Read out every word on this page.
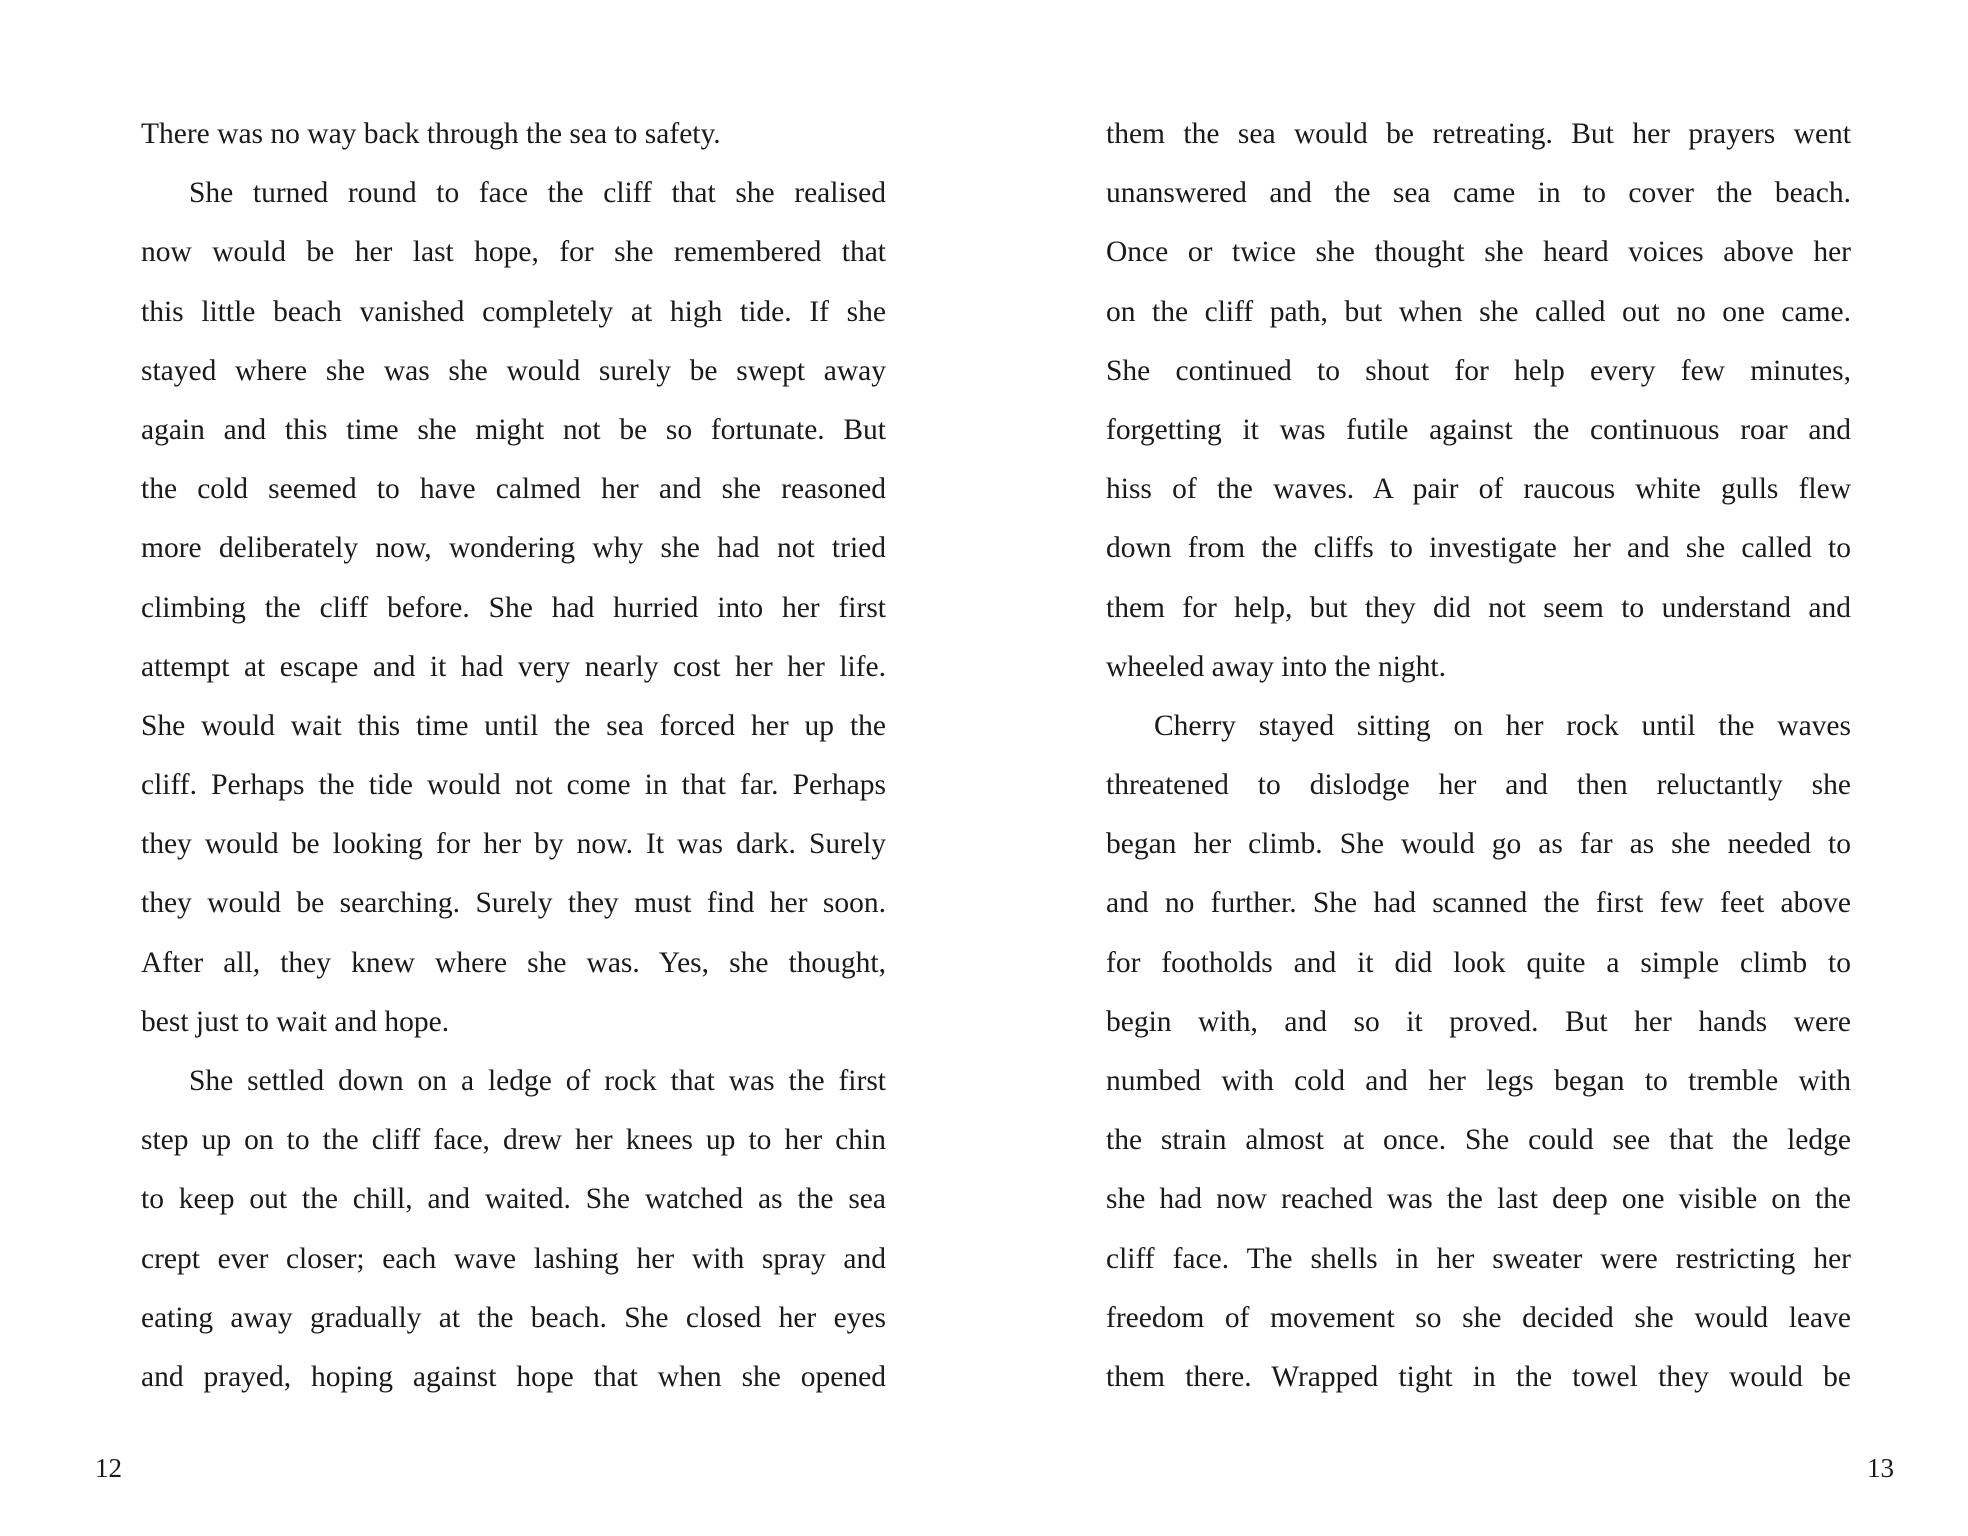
There was no way back through the sea to safety.
She turned round to face the cliff that she realised
now would be her last hope, for she remembered that
this little beach vanished completely at high tide. If she
stayed where she was she would surely be swept away
again and this time she might not be so fortunate. But
the cold seemed to have calmed her and she reasoned
more deliberately now, wondering why she had not tried
climbing the cliff before. She had hurried into her first
attempt at escape and it had very nearly cost her her life.
She would wait this time until the sea forced her up the
cliff. Perhaps the tide would not come in that far. Perhaps
they would be looking for her by now. It was dark. Surely
they would be searching. Surely they must find her soon.
After all, they knew where she was. Yes, she thought,
best just to wait and hope.
She settled down on a ledge of rock that was the first
step up on to the cliff face, drew her knees up to her chin
to keep out the chill, and waited. She watched as the sea
crept ever closer; each wave lashing her with spray and
eating away gradually at the beach. She closed her eyes
and prayed, hoping against hope that when she opened
12
them the sea would be retreating. But her prayers went
unanswered and the sea came in to cover the beach.
Once or twice she thought she heard voices above her
on the cliff path, but when she called out no one came.
She continued to shout for help every few minutes,
forgetting it was futile against the continuous roar and
hiss of the waves. A pair of raucous white gulls flew
down from the cliffs to investigate her and she called to
them for help, but they did not seem to understand and
wheeled away into the night.
Cherry stayed sitting on her rock until the waves
threatened to dislodge her and then reluctantly she
began her climb. She would go as far as she needed to
and no further. She had scanned the first few feet above
for footholds and it did look quite a simple climb to
begin with, and so it proved. But her hands were
numbed with cold and her legs began to tremble with
the strain almost at once. She could see that the ledge
she had now reached was the last deep one visible on the
cliff face. The shells in her sweater were restricting her
freedom of movement so she decided she would leave
them there. Wrapped tight in the towel they would be
13
